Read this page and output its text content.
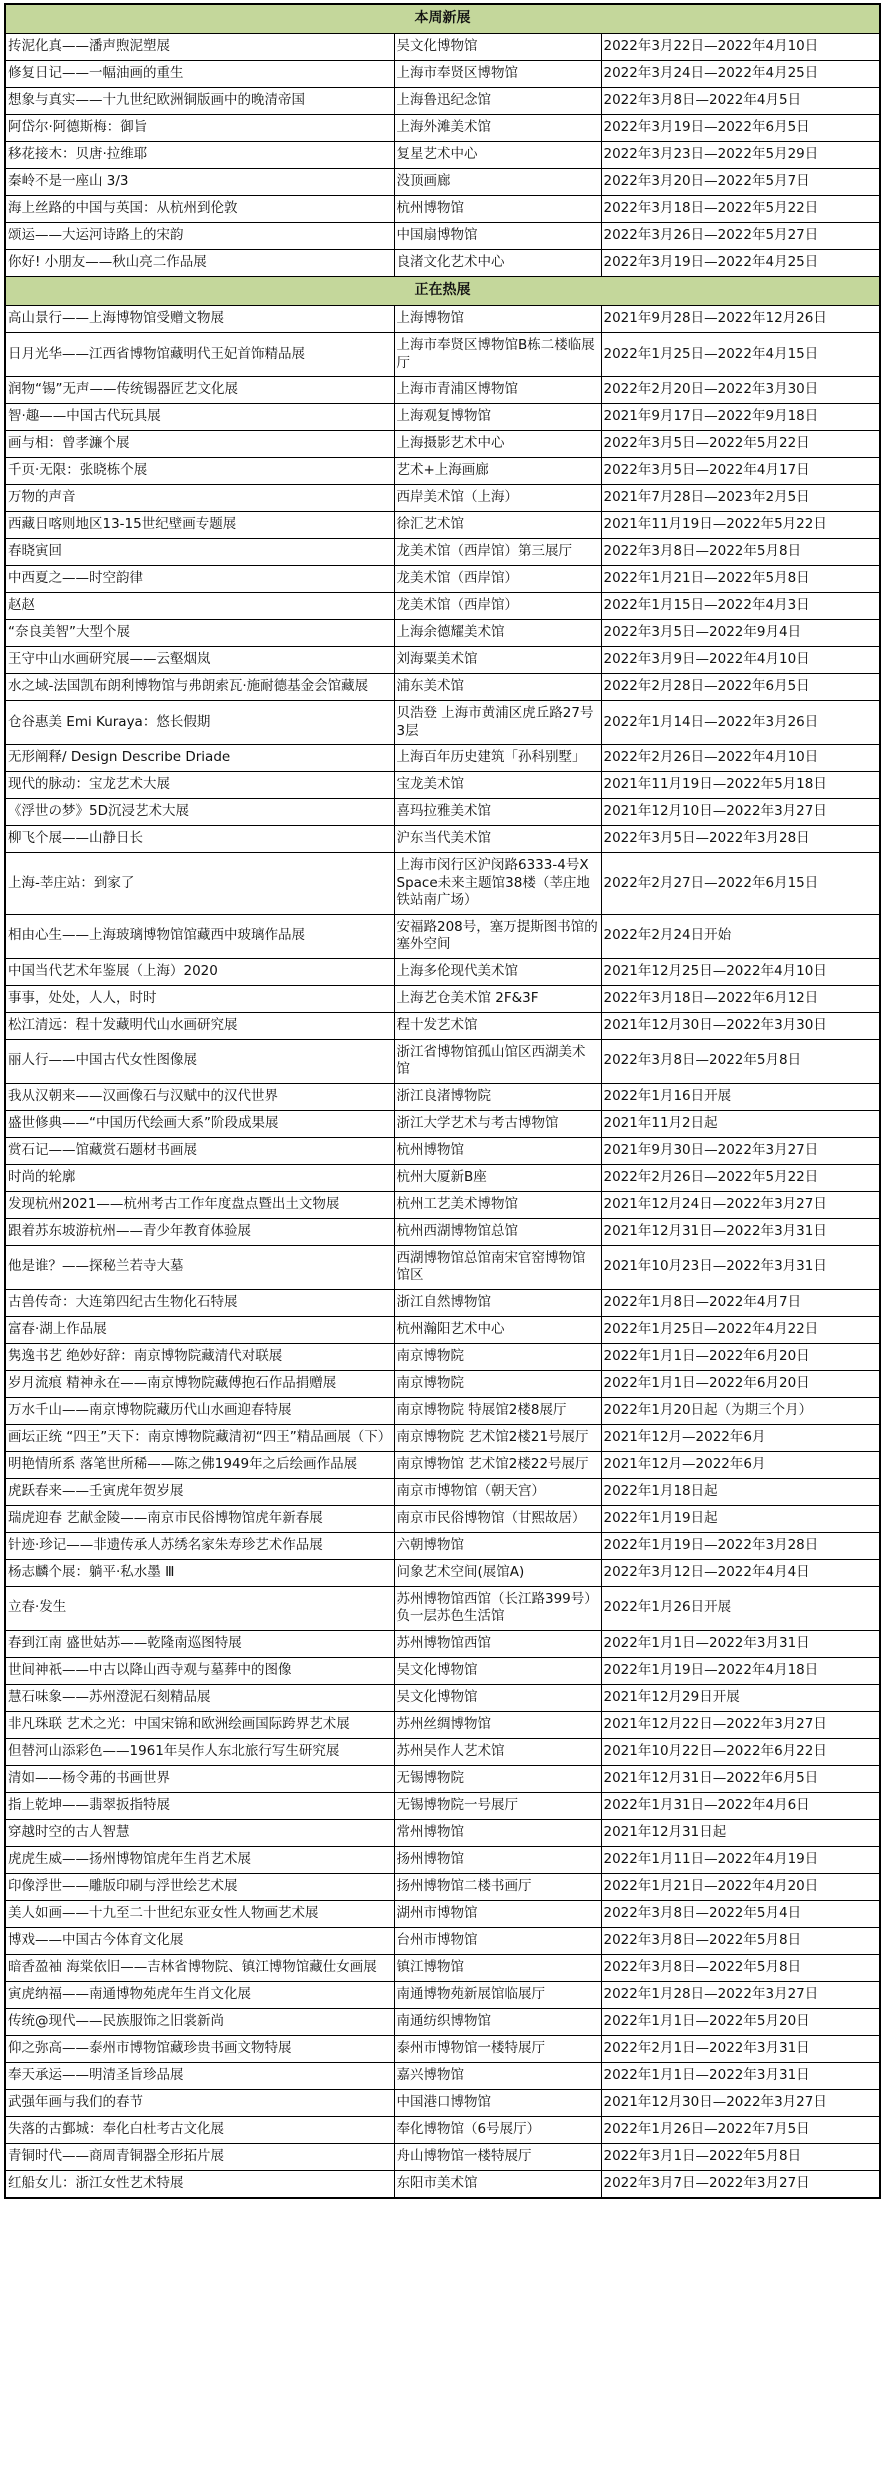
本周新展		
抟泥化真——潘声煦泥塑展	吴文化博物馆	2022年3月22日—2022年4月10日
修复日记——一幅油画的重生	上海市奉贤区博物馆	2022年3月24日—2022年4月25日
想象与真实——十九世纪欧洲铜版画中的晚清帝国	上海鲁迅纪念馆	2022年3月8日—2022年4月5日
阿岱尔·阿德斯梅：御旨	上海外滩美术馆	2022年3月19日—2022年6月5日
移花接木：贝唐·拉维耶	复星艺术中心	2022年3月23日—2022年5月29日
秦岭不是一座山 3/3	没顶画廊	2022年3月20日—2022年5月7日
海上丝路的中国与英国：从杭州到伦敦	杭州博物馆	2022年3月18日—2022年5月22日
颂运——大运河诗路上的宋韵	中国扇博物馆	2022年3月26日—2022年5月27日
你好! 小朋友——秋山亮二作品展	良渚文化艺术中心	2022年3月19日—2022年4月25日
正在热展		
高山景行——上海博物馆受赠文物展	上海博物馆	2021年9月28日—2022年12月26日
日月光华——江西省博物馆藏明代王妃首饰精品展	上海市奉贤区博物馆B栋二楼临展厅	2022年1月25日—2022年4月15日
润物“锡”无声——传统锡器匠艺文化展	上海市青浦区博物馆	2022年2月20日—2022年3月30日
智·趣——中国古代玩具展	上海观复博物馆	2021年9月17日—2022年9月18日
画与相：曾孝濂个展	上海摄影艺术中心	2022年3月5日—2022年5月22日
千页·无限：张晓栋个展	艺术+上海画廊	2022年3月5日—2022年4月17日
万物的声音	西岸美术馆（上海）	2021年7月28日—2023年2月5日
西藏日喀则地区13-15世纪壁画专题展	徐汇艺术馆	2021年11月19日—2022年5月22日
春晓寅回	龙美术馆（西岸馆）第三展厅	2022年3月8日—2022年5月8日
中西夏之——时空韵律	龙美术馆（西岸馆）	2022年1月21日—2022年5月8日
赵赵	龙美术馆（西岸馆）	2022年1月15日—2022年4月3日
“奈良美智”大型个展	上海余德耀美术馆	2022年3月5日—2022年9月4日
王守中山水画研究展——云壑烟岚	刘海粟美术馆	2022年3月9日—2022年4月10日
水之域-法国凯布朗利博物馆与弗朗索瓦·施耐德基金会馆藏展	浦东美术馆	2022年2月28日—2022年6月5日
仓谷惠美 Emi Kuraya：悠长假期	贝浩登 上海市黄浦区虎丘路27号3层	2022年1月14日—2022年3月26日
无形阐释/ Design Describe Driade	上海百年历史建筑「孙科别墅」	2022年2月26日—2022年4月10日
现代的脉动：宝龙艺术大展	宝龙美术馆	2021年11月19日—2022年5月18日
《浮世の梦》5D沉浸艺术大展	喜玛拉雅美术馆	2021年12月10日—2022年3月27日
柳飞个展——山静日长	沪东当代美术馆	2022年3月5日—2022年3月28日
上海-莘庄站：到家了	上海市闵行区沪闵路6333-4号X Space未来主题馆38楼（莘庄地铁站南广场）	2022年2月27日—2022年6月15日
相由心生——上海玻璃博物馆馆藏西中玻璃作品展	安福路208号，塞万提斯图书馆的塞外空间	2022年2月24日开始
中国当代艺术年鉴展（上海）2020	上海多伦现代美术馆	2021年12月25日—2022年4月10日
事事，处处，人人，时时	上海艺仓美术馆 2F&3F	2022年3月18日—2022年6月12日
松江清远：程十发藏明代山水画研究展	程十发艺术馆	2021年12月30日—2022年3月30日
丽人行——中国古代女性图像展	浙江省博物馆孤山馆区西湖美术馆	2022年3月8日—2022年5月8日
我从汉朝来——汉画像石与汉赋中的汉代世界	浙江良渚博物院	2022年1月16日开展
盛世修典——“中国历代绘画大系”阶段成果展	浙江大学艺术与考古博物馆	2021年11月2日起
赏石记——馆藏赏石题材书画展	杭州博物馆	2021年9月30日—2022年3月27日
时尚的轮廓	杭州大厦新B座	2022年2月26日—2022年5月22日
发现杭州2021——杭州考古工作年度盘点暨出土文物展	杭州工艺美术博物馆	2021年12月24日—2022年3月27日
跟着苏东坡游杭州——青少年教育体验展	杭州西湖博物馆总馆	2021年12月31日—2022年3月31日
他是谁？——探秘兰若寺大墓	西湖博物馆总馆南宋官窑博物馆馆区	2021年10月23日—2022年3月31日
古兽传奇：大连第四纪古生物化石特展	浙江自然博物馆	2022年1月8日—2022年4月7日
富春·湖上作品展	杭州瀚阳艺术中心	2022年1月25日—2022年4月22日
隽逸书艺 绝妙好辞：南京博物院藏清代对联展	南京博物院	2022年1月1日—2022年6月20日
岁月流痕 精神永在——南京博物院藏傅抱石作品捐赠展	南京博物院	2022年1月1日—2022年6月20日
万水千山——南京博物院藏历代山水画迎春特展	南京博物院 特展馆2楼8展厅	2022年1月20日起（为期三个月）
画坛正统 “四王”天下：南京博物院藏清初“四王”精品画展（下）	南京博物院 艺术馆2楼21号展厅	2021年12月—2022年6月
明艳情所系 落笔世所稀——陈之佛1949年之后绘画作品展	南京博物馆 艺术馆2楼22号展厅	2021年12月—2022年6月
虎跃春来——壬寅虎年贺岁展	南京市博物馆（朝天宫）	2022年1月18日起
瑞虎迎春 艺献金陵——南京市民俗博物馆虎年新春展	南京市民俗博物馆（甘熙故居）	2022年1月19日起
针迹·珍记——非遗传承人苏绣名家朱寿珍艺术作品展	六朝博物馆	2022年1月19日—2022年3月28日
杨志麟个展：躺平·私水墨 Ⅲ	问象艺术空间(展馆A)	2022年3月12日—2022年4月4日
立春·发生	苏州博物馆西馆（长江路399号）负一层苏色生活馆	2022年1月26日开展
春到江南 盛世姑苏——乾隆南巡图特展	苏州博物馆西馆	2022年1月1日—2022年3月31日
世间神祇——中古以降山西寺观与墓葬中的图像	吴文化博物馆	2022年1月19日—2022年4月18日
慧石味象——苏州澄泥石刻精品展	吴文化博物馆	2021年12月29日开展
非凡珠联 艺术之光：中国宋锦和欧洲绘画国际跨界艺术展	苏州丝绸博物馆	2021年12月22日—2022年3月27日
但替河山添彩色——1961年吴作人东北旅行写生研究展	苏州吴作人艺术馆	2021年10月22日—2022年6月22日
清如——杨令茀的书画世界	无锡博物院	2021年12月31日—2022年6月5日
指上乾坤——翡翠扳指特展	无锡博物院一号展厅	2022年1月31日—2022年4月6日
穿越时空的古人智慧	常州博物馆	2021年12月31日起
虎虎生威——扬州博物馆虎年生肖艺术展	扬州博物馆	2022年1月11日—2022年4月19日
印像浮世——雕版印刷与浮世绘艺术展	扬州博物馆二楼书画厅	2022年1月21日—2022年4月20日
美人如画——十九至二十世纪东亚女性人物画艺术展	湖州市博物馆	2022年3月8日—2022年5月4日
博戏——中国古今体育文化展	台州市博物馆	2022年3月8日—2022年5月8日
暗香盈袖 海棠依旧——吉林省博物院、镇江博物馆藏仕女画展	镇江博物馆	2022年3月8日—2022年5月8日
寅虎纳福——南通博物苑虎年生肖文化展	南通博物苑新展馆临展厅	2022年1月28日—2022年3月27日
传统@现代——民族服饰之旧裳新尚	南通纺织博物馆	2022年1月1日—2022年5月20日
仰之弥高——泰州市博物馆藏珍贵书画文物特展	泰州市博物馆一楼特展厅	2022年2月1日—2022年3月31日
奉天承运——明清圣旨珍品展	嘉兴博物馆	2022年1月1日—2022年3月31日
武强年画与我们的春节	中国港口博物馆	2021年12月30日—2022年3月27日
失落的古鄞城：奉化白杜考古文化展	奉化博物馆（6号展厅）	2022年1月26日—2022年7月5日
青铜时代——商周青铜器全形拓片展	舟山博物馆一楼特展厅	2022年3月1日—2022年5月8日
红船女儿：浙江女性艺术特展	东阳市美术馆	2022年3月7日—2022年3月27日
